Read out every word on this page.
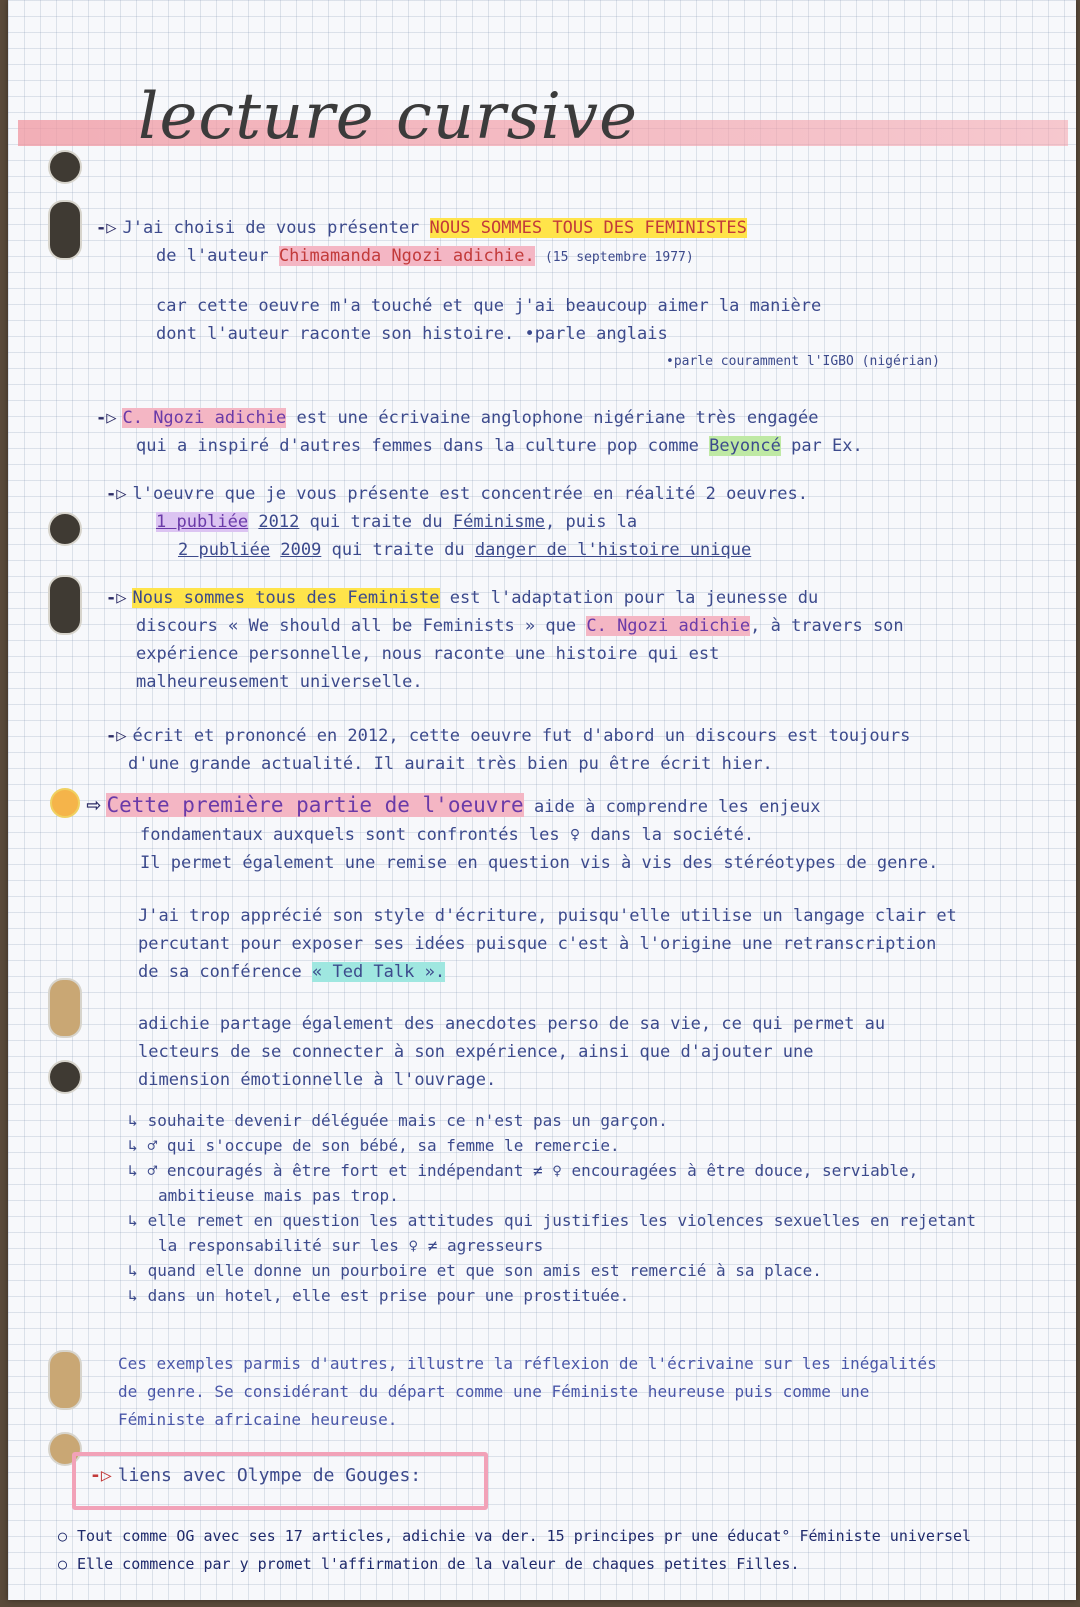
lecture cursive
-▷ J'ai choisi de vous présenter NOUS SOMMES TOUS DES FEMINISTES
de l'auteur Chimamanda Ngozi adichie. (15 septembre 1977)
car cette oeuvre m'a touché et que j'ai beaucoup aimer la manière
dont l'auteur raconte son histoire. •parle anglais
•parle couramment l'IGBO (nigérian)
-▷ C. Ngozi adichie est une écrivaine anglophone nigériane très engagée
qui a inspiré d'autres femmes dans la culture pop comme Beyoncé par Ex.
-▷ l'oeuvre que je vous présente est concentrée en réalité 2 oeuvres.
1 publiée 2012 qui traite du Féminisme, puis la
2 publiée 2009 qui traite du danger de l'histoire unique
-▷ Nous sommes tous des Feministe est l'adaptation pour la jeunesse du
discours « We should all be Feminists » que C. Ngozi adichie, à travers son
expérience personnelle, nous raconte une histoire qui est
malheureusement universelle.
-▷ écrit et prononcé en 2012, cette oeuvre fut d'abord un discours est toujours
d'une grande actualité. Il aurait très bien pu être écrit hier.
⇨ Cette première partie de l'oeuvre aide à comprendre les enjeux
fondamentaux auxquels sont confrontés les ♀ dans la société.
Il permet également une remise en question vis à vis des stéréotypes de genre.
J'ai trop apprécié son style d'écriture, puisqu'elle utilise un langage clair et
percutant pour exposer ses idées puisque c'est à l'origine une retranscription
de sa conférence « Ted Talk ».
adichie partage également des anecdotes perso de sa vie, ce qui permet au
lecteurs de se connecter à son expérience, ainsi que d'ajouter une
dimension émotionnelle à l'ouvrage.
↳ souhaite devenir déléguée mais ce n'est pas un garçon.
↳ ♂ qui s'occupe de son bébé, sa femme le remercie.
↳ ♂ encouragés à être fort et indépendant ≠ ♀ encouragées à être douce, serviable,
ambitieuse mais pas trop.
↳ elle remet en question les attitudes qui justifies les violences sexuelles en rejetant
la responsabilité sur les ♀ ≠ agresseurs
↳ quand elle donne un pourboire et que son amis est remercié à sa place.
↳ dans un hotel, elle est prise pour une prostituée.
Ces exemples parmis d'autres, illustre la réflexion de l'écrivaine sur les inégalités
de genre. Se considérant du départ comme une Féministe heureuse puis comme une
Féministe africaine heureuse.
-▷ liens avec Olympe de Gouges:
○ Tout comme OG avec ses 17 articles, adichie va der. 15 principes pr une éducat° Féministe universel
○ Elle commence par y promet l'affirmation de la valeur de chaques petites Filles.
